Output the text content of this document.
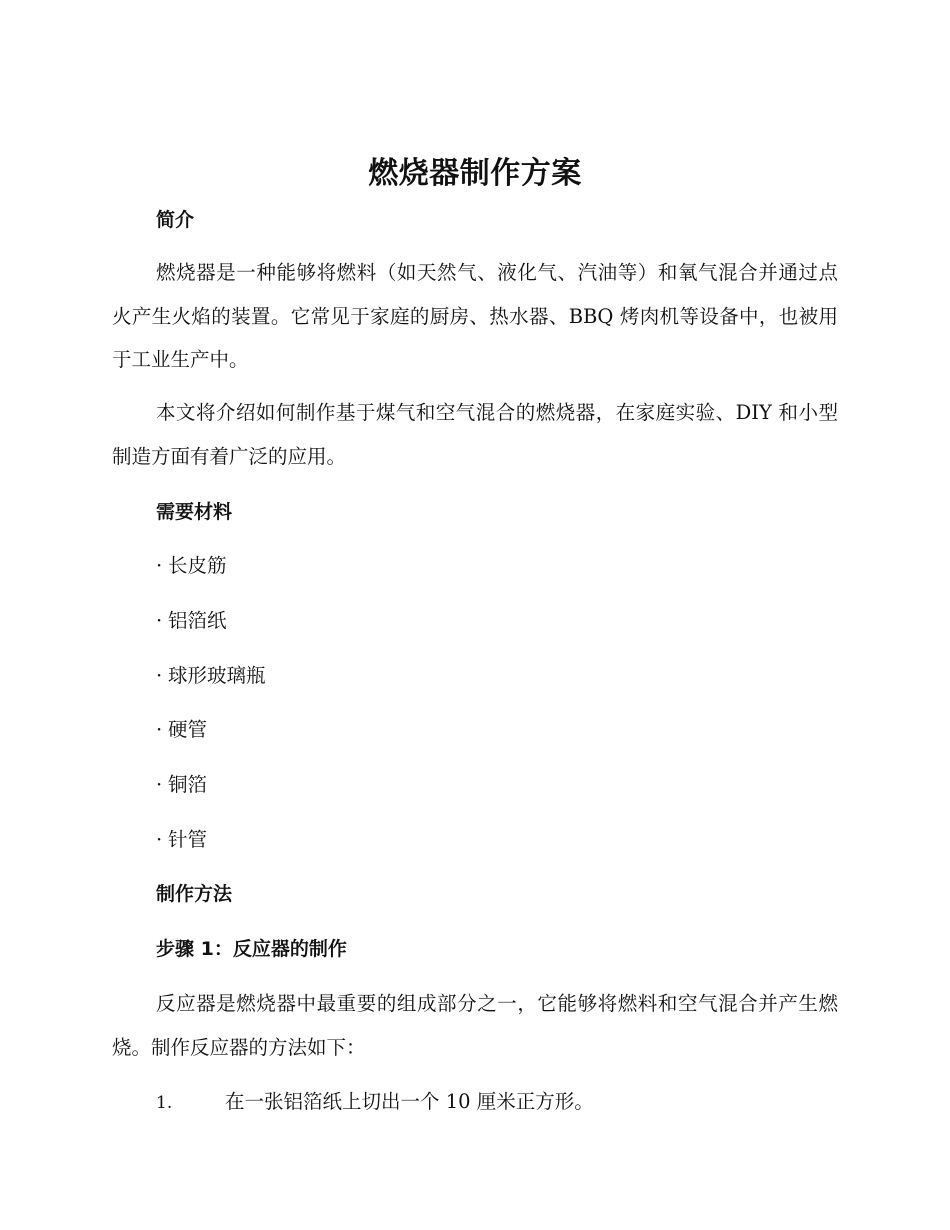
燃烧器制作方案
简介

燃烧器是一种能够将燃料（如天然气、液化气、汽油等）和氧气混合并通过点火产生火焰的装置。它常见于家庭的厨房、热水器、BBQ 烤肉机等设备中，也被用于工业生产中。

本文将介绍如何制作基于煤气和空气混合的燃烧器，在家庭实验、DIY 和小型制造方面有着广泛的应用。

需要材料
· 长皮筋
· 铝箔纸
· 球形玻璃瓶
· 硬管
· 铜箔
· 针管
制作方法
步骤 1：反应器的制作

反应器是燃烧器中最重要的组成部分之一，它能够将燃料和空气混合并产生燃烧。制作反应器的方法如下：

1.	在一张铝箔纸上切出一个 10 厘米正方形。
